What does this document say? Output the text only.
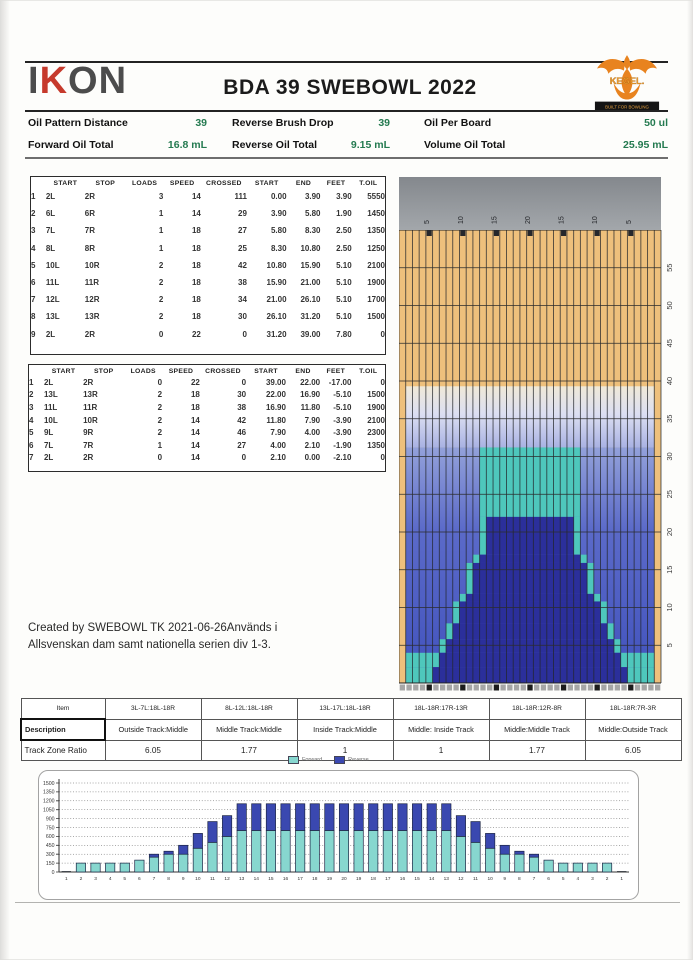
IKON	BDA 39 SWEBOWL 2022	KEGEL.
BUILT FOR BOWLING
Oil Pattern Distance	39 Reverse Brush Drop	39	Oil Per Board	50 ul
Forward Oil Total	16.8 mL Reverse Oil Total	9.15 mL	Volume Oil Total	25.95 mL
	START	STOP	LOADS	SPEED	CROSSED	START	END	FEET	T.OIL
1	2L	2R	3	14	111	0.00	3.90	3.90	5550
2	6L	6R	1	14	29	3.90	5.80	1.90	1450
3	7L	7R	1	18	27	5.80	8.30	2.50	1350
4	8L	8R	1	18	25	8.30	10.80	2.50	1250
5	10L	10R	2	18	42	10.80	15.90	5.10	2100
6	11L	11R	2	18	38	15.90	21.00	5.10	1900
7	12L	12R	2	18	34	21.00	26.10	5.10	1700
8	13L	13R	2	18	30	26.10	31.20	5.10	1500
9	2L	2R	0	22	0	31.20	39.00	7.80	0
	START	STOP	LOADS	SPEED	CROSSED	START	END	FEET	T.OIL
1	2L	2R	0	22	0	39.00	22.00	-17.00	0
2	13L	13R	2	18	30	22.00	16.90	-5.10	1500
3	11L	11R	2	18	38	16.90	11.80	-5.10	1900
4	10L	10R	2	14	42	11.80	7.90	-3.90	2100
5	9L	9R	2	14	46	7.90	4.00	-3.90	2300
6	7L	7R	1	14	27	4.00	2.10	-1.90	1350
7	2L	2R	0	14	0	2.10	0.00	-2.10	0
5	10	15	20	15	10	5
55
50
45
40
35
30
25
20
15
10
5
Created by SWEBOWL TK 2021-06-26Används i
Allsvenskan dam samt nationella serien div 1-3.
Item	3L-7L:18L-18R	8L-12L:18L-18R	13L-17L:18L-18R	18L-18R:17R-13R	18L-18R:12R-8R	18L-18R:7R-3R
Description	Outside Track:Middle	Middle Track:Middle	Inside Track:Middle	Middle: Inside Track	Middle:Middle Track	Middle:Outside Track
Track Zone Ratio	6.05	1.77	1	1	1.77	6.05
Forward	Reverse
0
150
300
450
600
750
900
1050
1200
1350
1500
1 2 3 4 5 6 7 8 9 10 11 12 13 14 15 16 17 18 19 20 19 18 17 16 15 14 13 12 11 10 9 8 7 6 5 4 3 2 1
